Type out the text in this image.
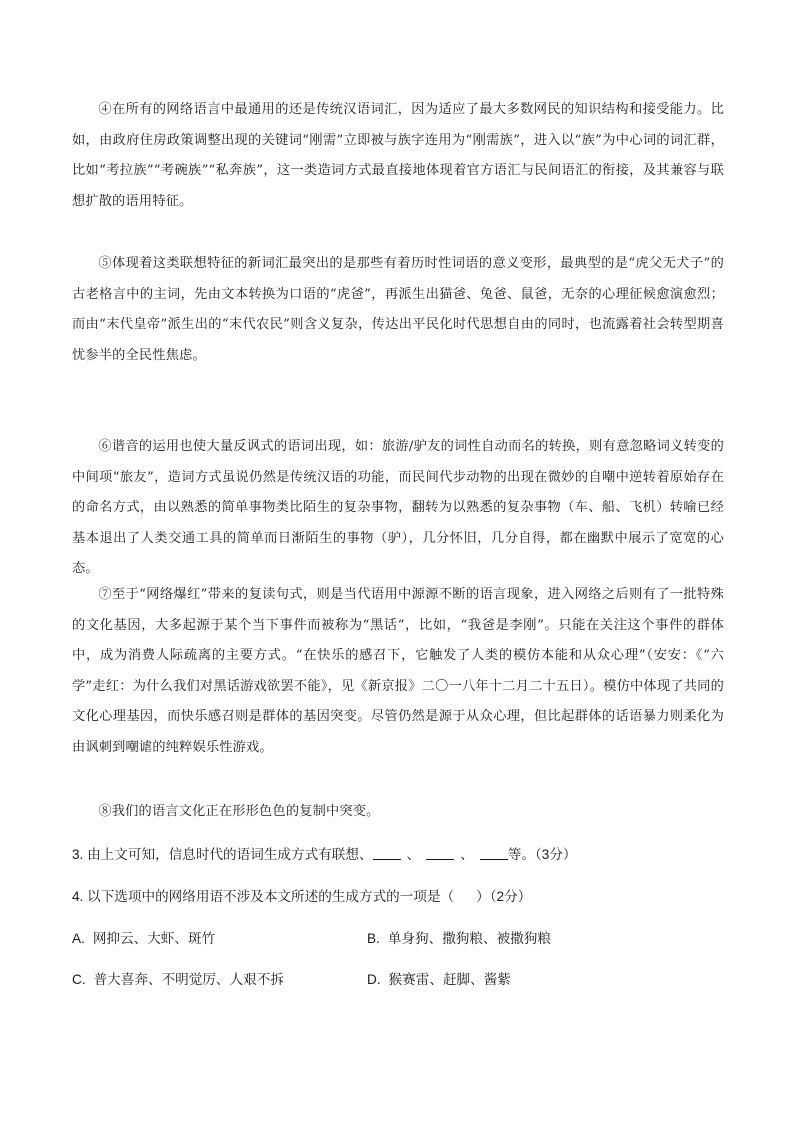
④在所有的网络语言中最通用的还是传统汉语词汇，因为适应了最大多数网民的知识结构和接受能力。比如，由政府住房政策调整出现的关键词“刚需”立即被与族字连用为“刚需族”，进入以“族”为中心词的词汇群，比如“考拉族”“考碗族”“私奔族”，这一类造词方式最直接地体现着官方语汇与民间语汇的衔接，及其兼容与联想扩散的语用特征。

⑤体现着这类联想特征的新词汇最突出的是那些有着历时性词语的意义变形，最典型的是“虎父无犬子”的古老格言中的主词，先由文本转换为口语的“虎爸”，再派生出猫爸、兔爸、鼠爸，无奈的心理征候愈演愈烈；而由“末代皇帝”派生出的“末代农民”则含义复杂，传达出平民化时代思想自由的同时，也流露着社会转型期喜忧参半的全民性焦虑。

⑥谐音的运用也使大量反讽式的语词出现，如：旅游/驴友的词性自动而名的转换，则有意忽略词义转变的中间项“旅友”，造词方式虽说仍然是传统汉语的功能，而民间代步动物的出现在微妙的自嘲中逆转着原始存在的命名方式，由以熟悉的简单事物类比陌生的复杂事物，翻转为以熟悉的复杂事物（车、船、飞机）转喻已经基本退出了人类交通工具的简单而日渐陌生的事物（驴），几分怀旧，几分自得，都在幽默中展示了宽宽的心态。

⑦至于“网络爆红”带来的复读句式，则是当代语用中源源不断的语言现象，进入网络之后则有了一批特殊的文化基因，大多起源于某个当下事件而被称为“黑话”，比如，“我爸是李刚”。只能在关注这个事件的群体中，成为消费人际疏离的主要方式。“在快乐的感召下，它触发了人类的模仿本能和从众心理”（安安：《“六学”走红：为什么我们对黑话游戏欲罢不能》，见《新京报》二〇一八年十二月二十五日）。模仿中体现了共同的文化心理基因，而快乐感召则是群体的基因突变。尽管仍然是源于从众心理，但比起群体的话语暴力则柔化为由讽刺到嘲谑的纯粹娱乐性游戏。

⑧我们的语言文化正在形形色色的复制中突变。

3. 由上文可知，信息时代的语词生成方式有联想、	、	、	等。（3分）

4. 以下选项中的网络用语不涉及本文所述的生成方式的一项是（ ）（2分）

A. 网抑云、大虾、斑竹	B. 单身狗、撒狗粮、被撒狗粮

C. 普大喜奔、不明觉厉、人艰不拆	D. 猴赛雷、赶脚、酱紫
